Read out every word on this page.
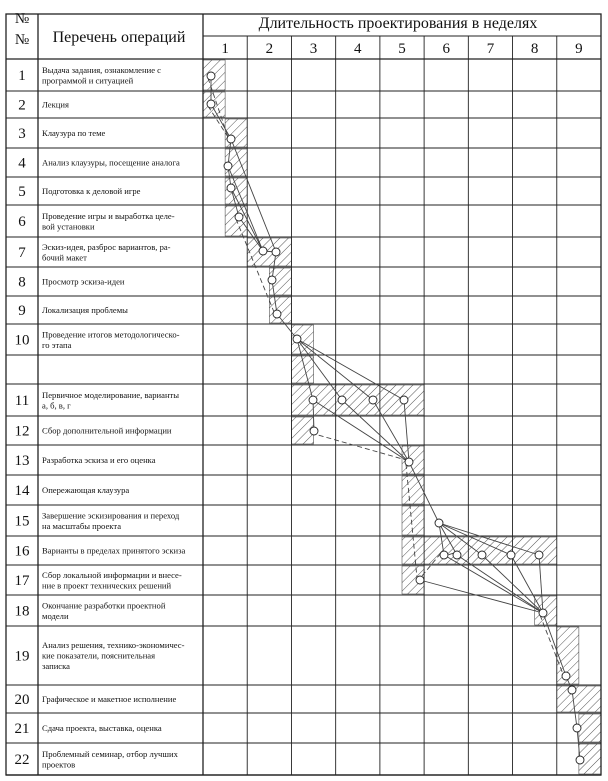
№
№ Перечень операций
Длительность проектирования в неделях
1 2 3 4 5 6 7 8 9
1 Выдача задания, ознакомление с
программой и ситуацией
2 Лекция
3 Клаузура по теме
4 Анализ клаузуры, посещение аналога
5 Подготовка к деловой игре
6 Проведение игры и выработка целе-
вой установки
7 Эскиз-идея, разброс вариантов, ра-
бочий макет
8 Просмотр эскиза-идеи
9 Локализация проблемы
10 Проведение итогов методологическо-
го этапа
11 Первичное моделирование, варианты
а, б, в, г
12 Сбор дополнительной информации
13 Разработка эскиза и его оценка
14 Опережающая клаузура
15 Завершение эскизирования и переход
на масштабы проекта
16 Варианты в пределах принятого эскиза
17 Сбор локальной информации и внесе-
ние в проект технических решений
18 Окончание разработки проектной
модели
19
Анализ решения, технико-экономичес-
кие показатели, пояснительная
записка
20 Графическое и макетное исполнение
21 Сдача проекта, выставка, оценка
22 Проблемный семинар, отбор лучших
проектов
